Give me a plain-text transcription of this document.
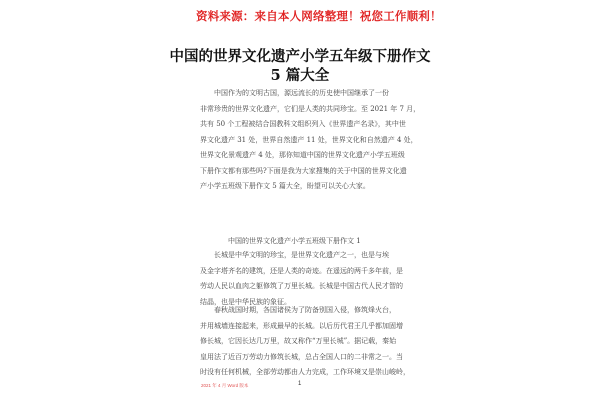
资料来源：来自本人网络整理！祝您工作顺利！
中国的世界文化遗产小学五年级下册作文
5 篇大全
　　中国作为的文明古国，源远流长的历史使中国继承了一份
非常珍贵的世界文化遗产，它们是人类的共同珍宝。至 2021 年 7 月，
共有 50 个工程被结合国教科文组织列入《世界遗产名录》，其中世
界文化遗产 31 处，世界自然遗产 11 处，世界文化和自然遗产 4 处，
世界文化景观遗产 4 处，那你知道中国的世界文化遗产小学五班级
下册作文都有那些吗?下面是我为大家搜集的关于中国的世界文化遗
产小学五班级下册作文 5 篇大全，盼望可以关心大家。
中国的世界文化遗产小学五班级下册作文 1
　　长城是中华文明的珍宝，是世界文化遗产之一，也是与埃
及金字塔齐名的建筑，还是人类的奇迹。在遥远的两千多年前，是
劳动人民以血肉之躯修筑了万里长城。长城是中国古代人民才智的
结晶，也是中华民族的象征。
　　春秋战国时期，各国诸侯为了防备别国入侵，修筑烽火台，
并用城墙连接起来，形成最早的长城。以后历代君王几乎都加固增
修长城，它因长达几万里，故又称作“万里长城”。据记载，秦始
皇用法了近百万劳动力修筑长城，总占全国人口的二非常之一。当
时没有任何机械，全部劳动都由人力完成，工作环境又是崇山峻岭，
2021 年 4 月 Word 版本	1
